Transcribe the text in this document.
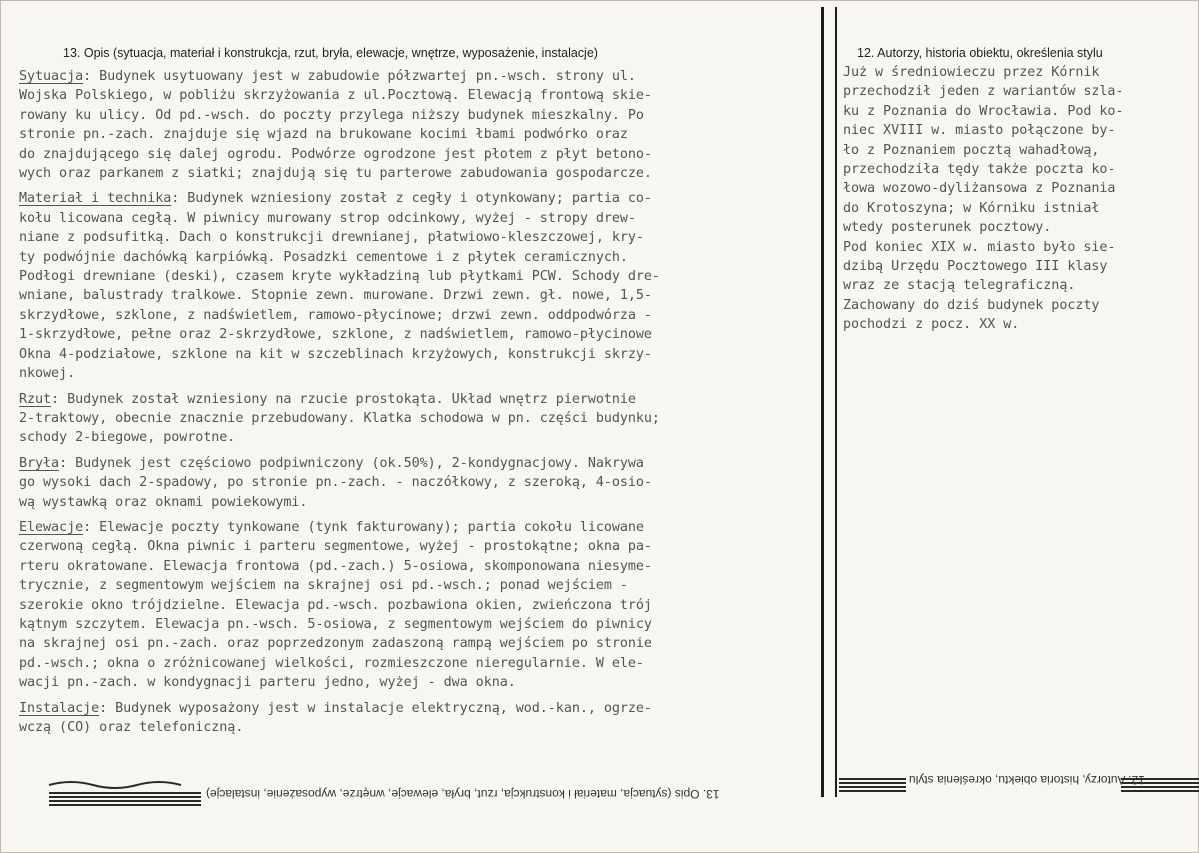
13. Opis (sytuacja, materiał i konstrukcja, rzut, bryła, elewacje, wnętrze, wyposażenie, instalacje)	12. Autorzy, historia obiektu, określenia stylu
Sytuacja: Budynek usytuowany jest w zabudowie półzwartej pn.-wsch. strony ul.
Wojska Polskiego, w pobliżu skrzyżowania z ul.Pocztową. Elewacją frontową skie-
rowany ku ulicy. Od pd.-wsch. do poczty przylega niższy budynek mieszkalny. Po
stronie pn.-zach. znajduje się wjazd na brukowane kocimi łbami podwórko oraz
do znajdującego się dalej ogrodu. Podwórze ogrodzone jest płotem z płyt betono-
wych oraz parkanem z siatki; znajdują się tu parterowe zabudowania gospodarcze.
Materiał i technika: Budynek wzniesiony został z cegły i otynkowany; partia co-
kołu licowana cegłą. W piwnicy murowany strop odcinkowy, wyżej - stropy drew-
niane z podsufitką. Dach o konstrukcji drewnianej, płatwiowo-kleszczowej, kry-
ty podwójnie dachówką karpiówką. Posadzki cementowe i z płytek ceramicznych.
Podłogi drewniane (deski), czasem kryte wykładziną lub płytkami PCW. Schody dre-
wniane, balustrady tralkowe. Stopnie zewn. murowane. Drzwi zewn. gł. nowe, 1,5-
skrzydłowe, szklone, z nadświetlem, ramowo-płycinowe; drzwi zewn. oddpodwórza -
1-skrzydłowe, pełne oraz 2-skrzydłowe, szklone, z nadświetlem, ramowo-płycinowe
Okna 4-podziałowe, szklone na kit w szczeblinach krzyżowych, konstrukcji skrzy-
nkowej.
Rzut: Budynek został wzniesiony na rzucie prostokąta. Układ wnętrz pierwotnie
2-traktowy, obecnie znacznie przebudowany. Klatka schodowa w pn. części budynku;
schody 2-biegowe, powrotne.
Bryła: Budynek jest częściowo podpiwniczony (ok.50%), 2-kondygnacjowy. Nakrywa
go wysoki dach 2-spadowy, po stronie pn.-zach. - naczółkowy, z szeroką, 4-osio-
wą wystawką oraz oknami powiekowymi.
Elewacje: Elewacje poczty tynkowane (tynk fakturowany); partia cokołu licowane
czerwoną cegłą. Okna piwnic i parteru segmentowe, wyżej - prostokątne; okna pa-
rteru okratowane. Elewacja frontowa (pd.-zach.) 5-osiowa, skomponowana niesyme-
trycznie, z segmentowym wejściem na skrajnej osi pd.-wsch.; ponad wejściem -
szerokie okno trójdzielne. Elewacja pd.-wsch. pozbawiona okien, zwieńczona trój
kątnym szczytem. Elewacja pn.-wsch. 5-osiowa, z segmentowym wejściem do piwnicy
na skrajnej osi pn.-zach. oraz poprzedzonym zadaszoną rampą wejściem po stronie
pd.-wsch.; okna o zróżnicowanej wielkości, rozmieszczone nieregularnie. W ele-
wacji pn.-zach. w kondygnacji parteru jedno, wyżej - dwa okna.
Instalacje: Budynek wyposażony jest w instalacje elektryczną, wod.-kan., ogrze-
wczą (CO) oraz telefoniczną.
Już w średniowieczu przez Kórnik
przechodził jeden z wariantów szla-
ku z Poznania do Wrocławia. Pod ko-
niec XVIII w. miasto połączone by-
ło z Poznaniem pocztą wahadłową,
przechodziła tędy także poczta ko-
łowa wozowo-dyliżansowa z Poznania
do Krotoszyna; w Kórniku istniał
wtedy posterunek pocztowy.
Pod koniec XIX w. miasto było sie-
dzibą Urzędu Pocztowego III klasy
wraz ze stacją telegraficzną.
Zachowany do dziś budynek poczty
pochodzi z pocz. XX w.
13. Opis (sytuacja, materiał i konstrukcja, rzut, bryła, elewacje, wnętrze, wyposażenie, instalacje)
12. Autorzy, historia obiektu, określenia stylu
